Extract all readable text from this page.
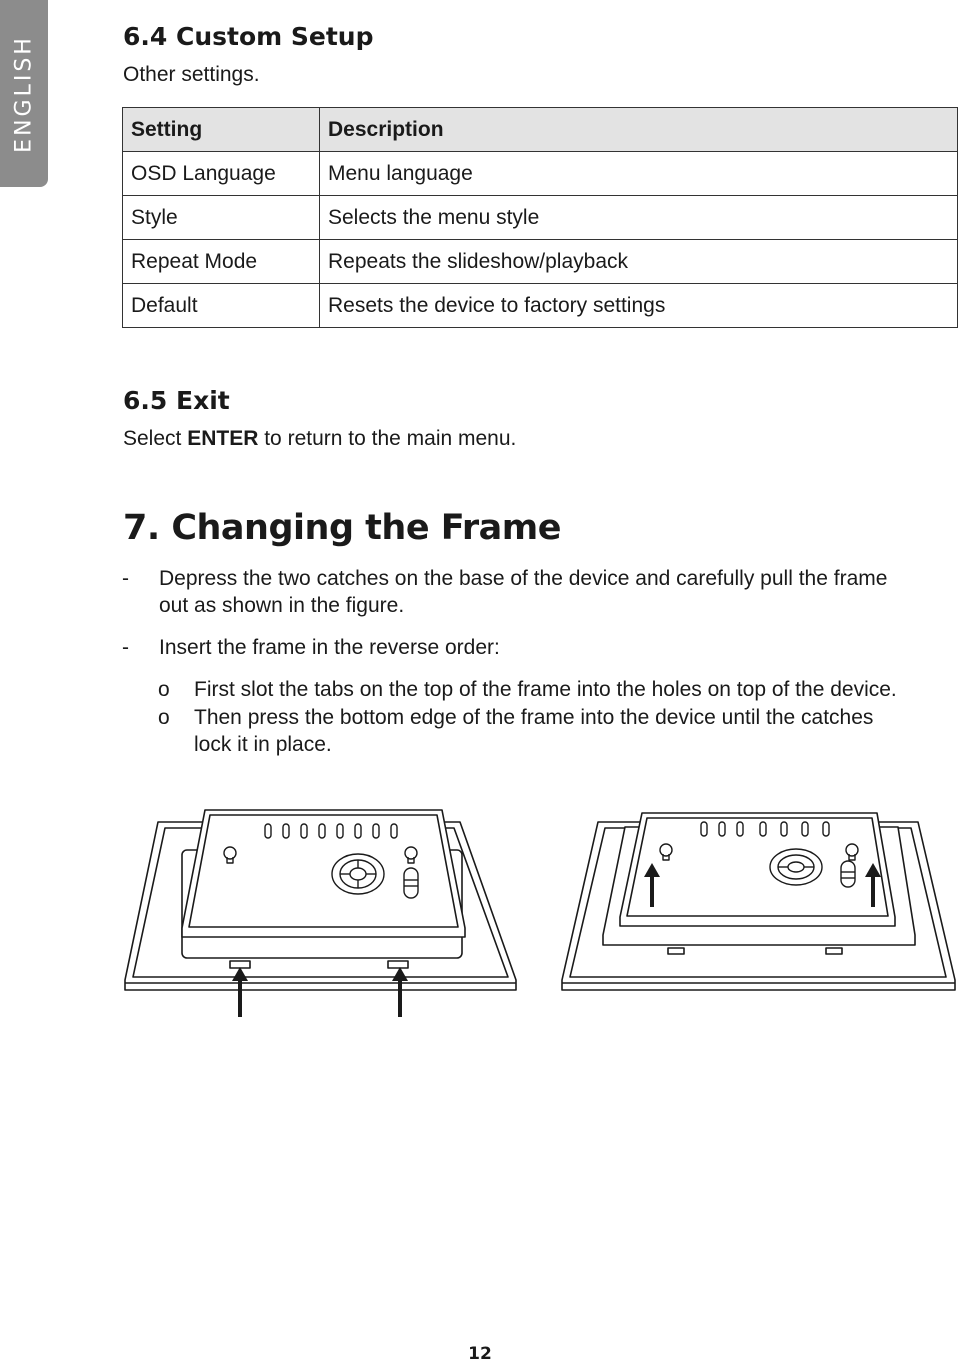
ENGLISH	6.4 Custom Setup
Other settings.
Setting	Description
OSD Language	Menu language
Style	Selects the menu style
Repeat Mode	Repeats the slideshow/playback
Default	Resets the device to factory settings
6.5 Exit
Select ENTER to return to the main menu.
7. Changing the Frame
- Depress the two catches on the base of the device and carefully pull the frame
out as shown in the figure.
- Insert the frame in the reverse order:
o First slot the tabs on the top of the frame into the holes on top of the device.
o Then press the bottom edge of the frame into the device until the catches
lock it in place.
12
